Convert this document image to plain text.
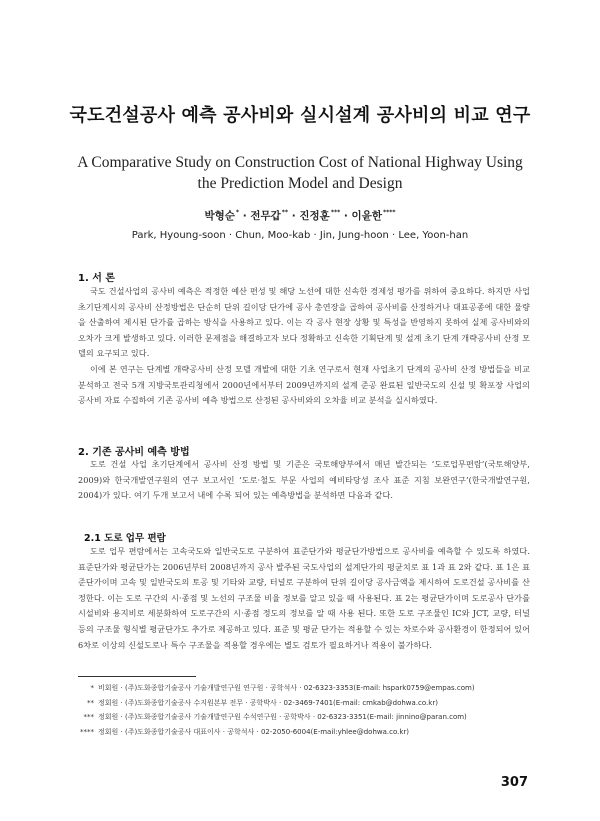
국도건설공사 예측 공사비와 실시설계 공사비의 비교 연구
A Comparative Study on Construction Cost of National Highway Using
the Prediction Model and Design
박형순* · 전무갑** · 진정훈*** · 이윤한****
Park, Hyoung-soon · Chun, Moo-kab · Jin, Jung-hoon · Lee, Yoon-han
1. 서 론

국도 건설사업의 공사비 예측은 적정한 예산 편성 및 해당 노선에 대한 신속한 경제성 평가를 위하여 중요하다. 하지만 사업 초기단계시의 공사비 산정방법은 단순히 단위 길이당 단가에 공사 총연장을 곱하여 공사비를 산정하거나 대표공종에 대한 물량을 산출하여 제시된 단가를 곱하는 방식을 사용하고 있다. 이는 각 공사 현장 상황 및 특성을 반영하지 못하여 실제 공사비와의 오차가 크게 발생하고 있다. 이러한 문제점을 해결하고자 보다 정확하고 신속한 기획단계 및 설계 초기 단계 개략공사비 산정 모델의 요구되고 있다.

이에 본 연구는 단계별 개략공사비 산정 모델 개발에 대한 기초 연구로서 현재 사업초기 단계의 공사비 산정 방법들을 비교 분석하고 전국 5개 지방국토관리청에서 2000년에서부터 2009년까지의 설계 준공 완료된 일반국도의 신설 및 확포장 사업의 공사비 자료 수집하여 기존 공사비 예측 방법으로 산정된 공사비와의 오차율 비교 분석을 실시하였다.

2. 기존 공사비 예측 방법

도로 건설 사업 초기단계에서 공사비 산정 방법 및 기준은 국토해양부에서 매년 발간되는 ‘도로업무편람’(국토해양부, 2009)와 한국개발연구원의 연구 보고서인 ‘도로·철도 부문 사업의 예비타당성 조사 표준 지침 보완연구’(한국개발연구원, 2004)가 있다. 여기 두개 보고서 내에 수록 되어 있는 예측방법을 분석하면 다음과 같다.

2.1 도로 업무 편람

도로 업무 편람에서는 고속국도와 일반국도로 구분하여 표준단가와 평균단가방법으로 공사비를 예측할 수 있도록 하였다. 표준단가와 평균단가는 2006년부터 2008년까지 공사 발주된 국도사업의 설계단가의 평균치로 표 1과 표 2와 같다. 표 1은 표준단가이며 고속 및 일반국도의 토공 및 기타와 교량, 터널로 구분하여 단위 길이당 공사금액을 제시하여 도로건설 공사비를 산정한다. 이는 도로 구간의 시·종점 및 노선의 구조물 비율 정보를 알고 있을 때 사용된다. 표 2는 평균단가이며 도로공사 단가를 시설비와 용지비로 세분화하여 도로구간의 시·종점 정도의 정보를 알 때 사용 된다. 또한 도로 구조물인 IC와 JCT, 교량, 터널 등의 구조물 형식별 평균단가도 추가로 제공하고 있다. 표준 및 평균 단가는 적용할 수 있는 차로수와 공사환경이 한정되어 있어 6차로 이상의 신설도로나 특수 구조물을 적용할 경우에는 별도 검토가 필요하거나 적용이 불가하다.

* 비회원 · (주)도화종합기술공사 기술개발연구원 연구원 · 공학석사 · 02-6323-3353(E-mail: hspark0759@empas.com)
** 정회원 · (주)도화종합기술공사 수지원본부 전무 · 공학박사 · 02-3469-7401(E-mail: cmkab@dohwa.co.kr)
*** 정회원 · (주)도화종합기술공사 기술개발연구원 수석연구원 · 공학박사 · 02-6323-3351(E-mail: jinnino@paran.com)
**** 정회원 · (주)도화종합기술공사 대표이사 · 공학석사 · 02-2050-6004(E-mail:yhlee@dohwa.co.kr)
307
